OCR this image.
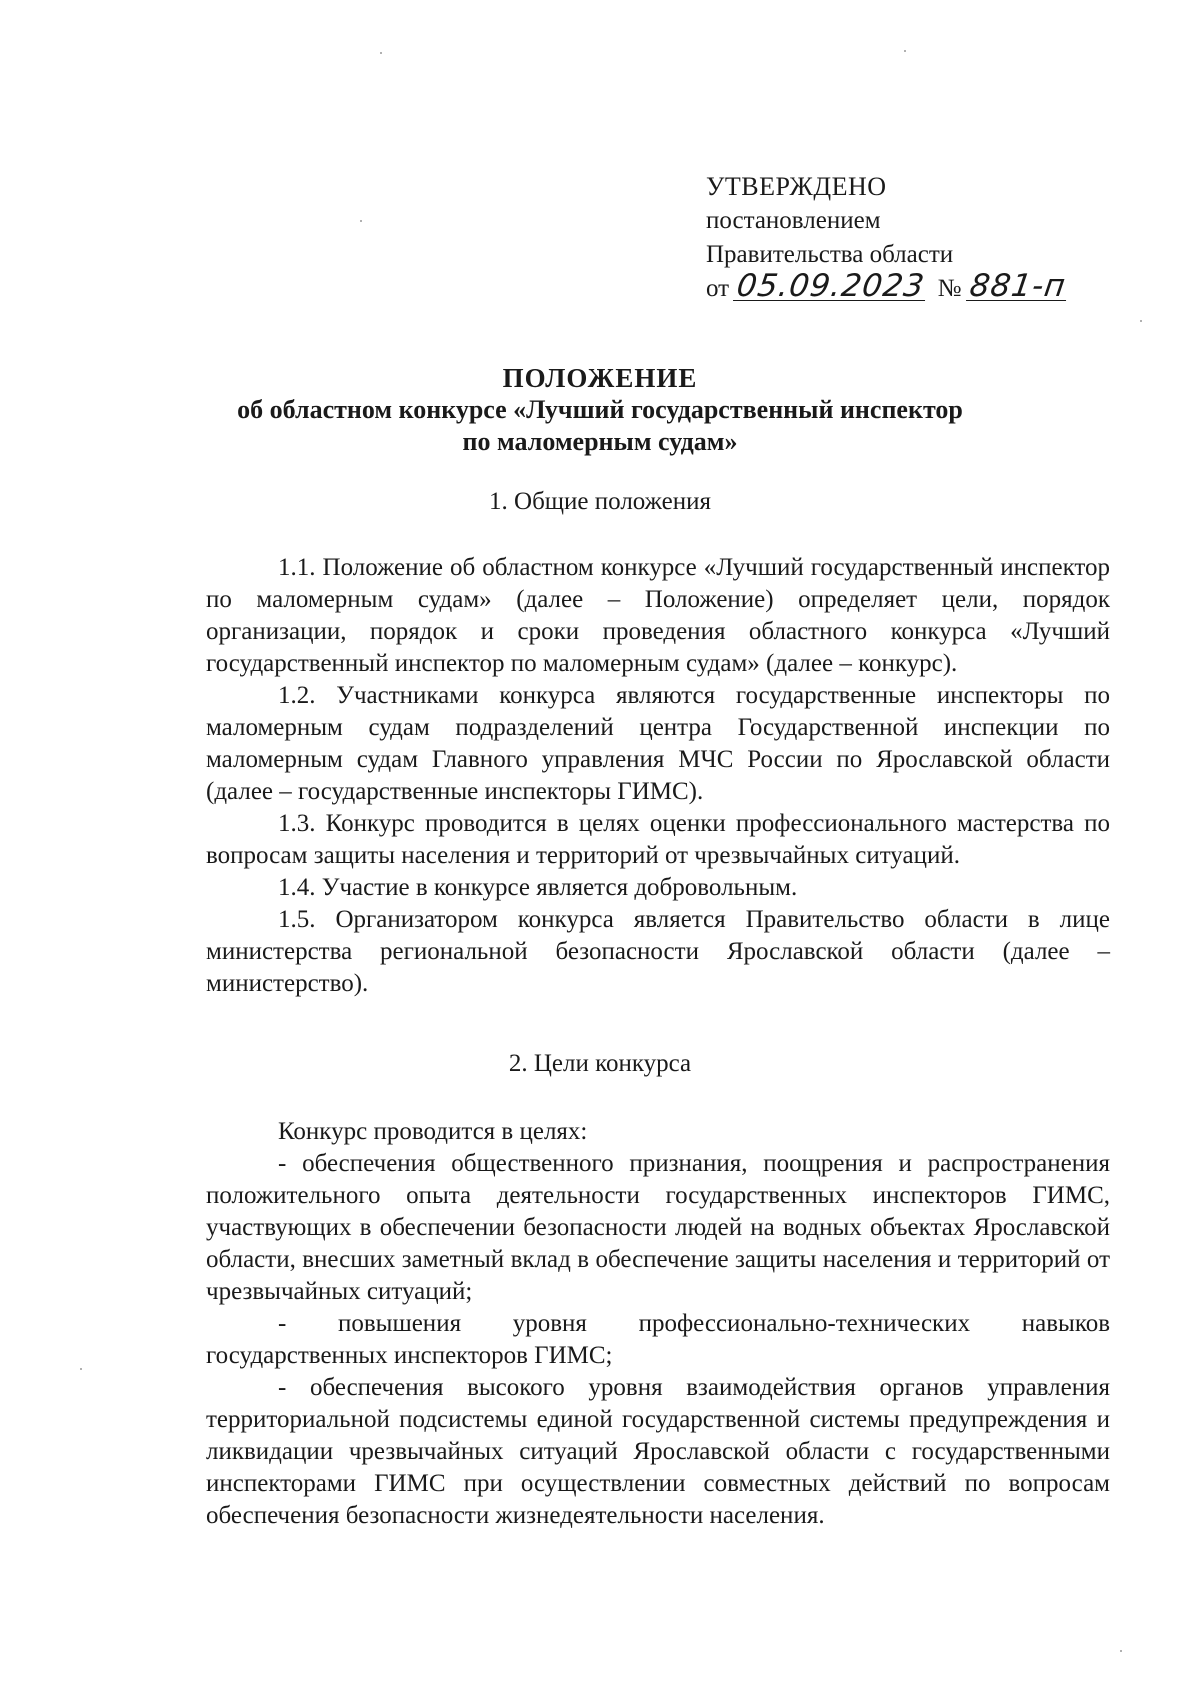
УТВЕРЖДЕНО
постановлением
Правительства области
от 05.09.2023 № 881-п
ПОЛОЖЕНИЕ
об областном конкурсе «Лучший государственный инспектор
по маломерным судам»
1. Общие положения

1.1. Положение об областном конкурсе «Лучший государственный инспектор по маломерным судам» (далее – Положение) определяет цели, порядок организации, порядок и сроки проведения областного конкурса «Лучший государственный инспектор по маломерным судам» (далее – конкурс).

1.2. Участниками конкурса являются государственные инспекторы по маломерным судам подразделений центра Государственной инспекции по маломерным судам Главного управления МЧС России по Ярославской области (далее – государственные инспекторы ГИМС).

1.3. Конкурс проводится в целях оценки профессионального мастерства по вопросам защиты населения и территорий от чрезвычайных ситуаций.

1.4. Участие в конкурсе является добровольным.

1.5. Организатором конкурса является Правительство области в лице министерства региональной безопасности Ярославской области (далее – министерство).

2. Цели конкурса

Конкурс проводится в целях:

- обеспечения общественного признания, поощрения и распространения положительного опыта деятельности государственных инспекторов ГИМС, участвующих в обеспечении безопасности людей на водных объектах Ярославской области, внесших заметный вклад в обеспечение защиты населения и территорий от чрезвычайных ситуаций;

- повышения уровня профессионально-технических навыков государственных инспекторов ГИМС;

- обеспечения высокого уровня взаимодействия органов управления территориальной подсистемы единой государственной системы предупреждения и ликвидации чрезвычайных ситуаций Ярославской области с государственными инспекторами ГИМС при осуществлении совместных действий по вопросам обеспечения безопасности жизнедеятельности населения.
